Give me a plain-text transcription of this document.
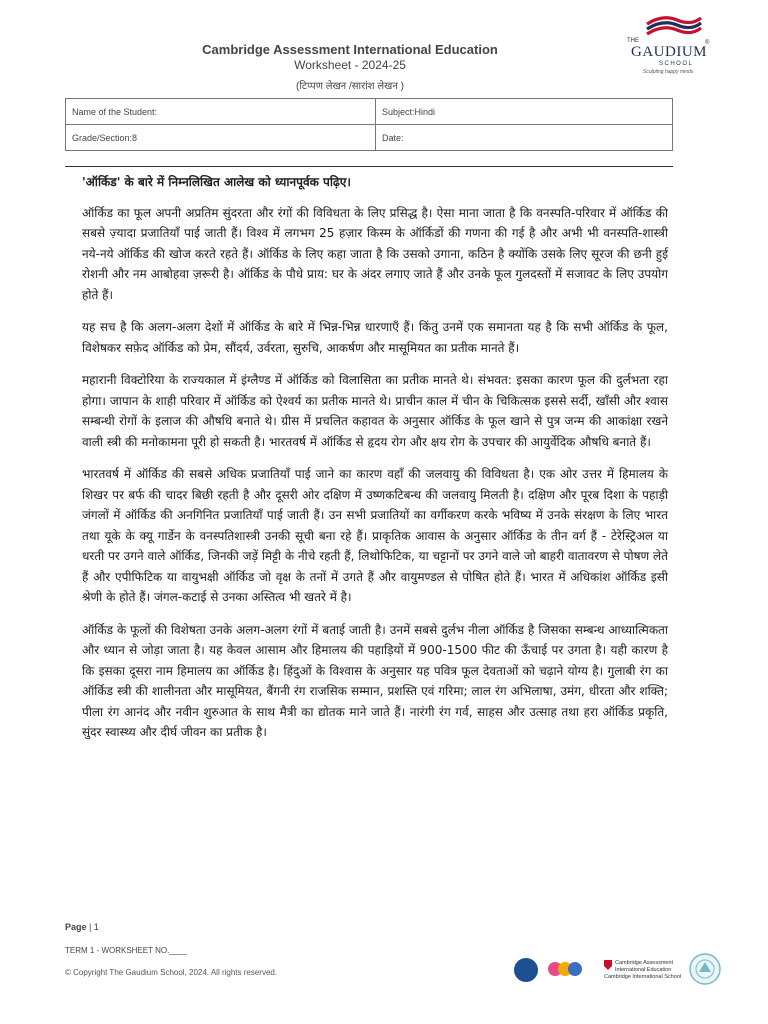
Cambridge Assessment International Education
Worksheet - 2024-25
(टिप्पण लेखन /सारांश लेखन )
THE
GAUDIUM
®
SCHOOL
Sculpting happy minds
Name of the Student:	Subject:Hindi
Grade/Section:8	Date:

'ऑर्किड' के बारे में निम्नलिखित आलेख को ध्यानपूर्वक पढ़िए।

ऑर्किड का फूल अपनी अप्रतिम सुंदरता और रंगों की विविधता के लिए प्रसिद्ध है। ऐसा माना जाता है कि वनस्पति-परिवार में ऑर्किड की सबसे ज़्यादा प्रजातियाँ पाई जाती हैं। विश्व में लगभग 25 हज़ार किस्म के ऑर्किडों की गणना की गई है और अभी भी वनस्पति-शास्त्री नये-नये ऑर्किड की खोज करते रहते हैं। ऑर्किड के लिए कहा जाता है कि उसको उगाना, कठिन है क्योंकि उसके लिए सूरज की छनी हुई रोशनी और नम आबोहवा ज़रूरी है। ऑर्किड के पौधे प्राय: घर के अंदर लगाए जाते हैं और उनके फूल गुलदस्तों में सजावट के लिए उपयोग होते हैं।

यह सच है कि अलग-अलग देशों में ऑर्किड के बारे में भिन्न-भिन्न धारणाएँ हैं। किंतु उनमें एक समानता यह है कि सभी ऑर्किड के फूल, विशेषकर सफ़ेद ऑर्किड को प्रेम, सौंदर्य, उर्वरता, सुरुचि, आकर्षण और मासूमियत का प्रतीक मानते हैं।

महारानी विक्टोरिया के राज्यकाल में इंग्लैण्ड में ऑर्किड को विलासिता का प्रतीक मानते थे। संभवत: इसका कारण फूल की दुर्लभता रहा होगा। जापान के शाही परिवार में ऑर्किड को ऐश्वर्य का प्रतीक मानते थे। प्राचीन काल में चीन के चिकित्सक इससे सर्दी, खाँसी और श्वास सम्बन्धी रोगों के इलाज की औषधि बनाते थे। ग्रीस में प्रचलित कहावत के अनुसार ऑर्किड के फूल खाने से पुत्र जन्म की आकांक्षा रखने वाली स्त्री की मनोकामना पूरी हो सकती है। भारतवर्ष में ऑर्किड से हृदय रोग और क्षय रोग के उपचार की आयुर्वेदिक औषधि बनाते हैं।

भारतवर्ष में ऑर्किड की सबसे अधिक प्रजातियाँ पाई जाने का कारण वहाँ की जलवायु की विविधता है। एक ओर उत्तर में हिमालय के शिखर पर बर्फ की चादर बिछी रहती है और दूसरी ओर दक्षिण में उष्णकटिबन्ध की जलवायु मिलती है। दक्षिण और पूरब दिशा के पहाड़ी जंगलों में ऑर्किड की अनगिनित प्रजातियाँ पाई जाती हैं। उन सभी प्रजातियों का वर्गीकरण करके भविष्य में उनके संरक्षण के लिए भारत तथा यूके के क्यू गार्डेन के वनस्पतिशास्त्री उनकी सूची बना रहे हैं। प्राकृतिक आवास के अनुसार ऑर्किड के तीन वर्ग हैं - टेरेस्ट्रिअल या धरती पर उगने वाले ऑर्किड, जिनकी जड़ें मिट्टी के नीचे रहती हैं, लिथोफिटिक, या चट्टानों पर उगने वाले जो बाहरी वातावरण से पोषण लेते हैं और एपीफिटिक या वायुभक्षी ऑर्किड जो वृक्ष के तनों में उगते हैं और वायुमण्डल से पोषित होते हैं। भारत में अधिकांश ऑर्किड इसी श्रेणी के होते हैं। जंगल-कटाई से उनका अस्तित्व भी खतरे में है।

ऑर्किड के फूलों की विशेषता उनके अलग-अलग रंगों में बताई जाती है। उनमें सबसे दुर्लभ नीला ऑर्किड है जिसका सम्बन्ध आध्यात्मिकता और ध्यान से जोड़ा जाता है। यह केवल आसाम और हिमालय की पहाड़ियों में 900-1500 फीट की ऊँचाई पर उगता है। यही कारण है कि इसका दूसरा नाम हिमालय का ऑर्किड है। हिंदुओं के विश्वास के अनुसार यह पवित्र फूल देवताओं को चढ़ाने योग्य है। गुलाबी रंग का ऑर्किड स्त्री की शालीनता और मासूमियत, बैंगनी रंग राजसिक सम्मान, प्रशस्ति एवं गरिमा; लाल रंग अभिलाषा, उमंग, धीरता और शक्ति; पीला रंग आनंद और नवीन शुरुआत के साथ मैत्री का द्योतक माने जाते हैं। नारंगी रंग गर्व, साहस और उत्साह तथा हरा ऑर्किड प्रकृति, सुंदर स्वास्थ्य और दीर्घ जीवन का प्रतीक है।

Page | 1
TERM 1 - WORKSHEET NO.____
© Copyright The Gaudium School, 2024. All rights reserved.
Cambridge Assessment
International Education
Cambridge International School
